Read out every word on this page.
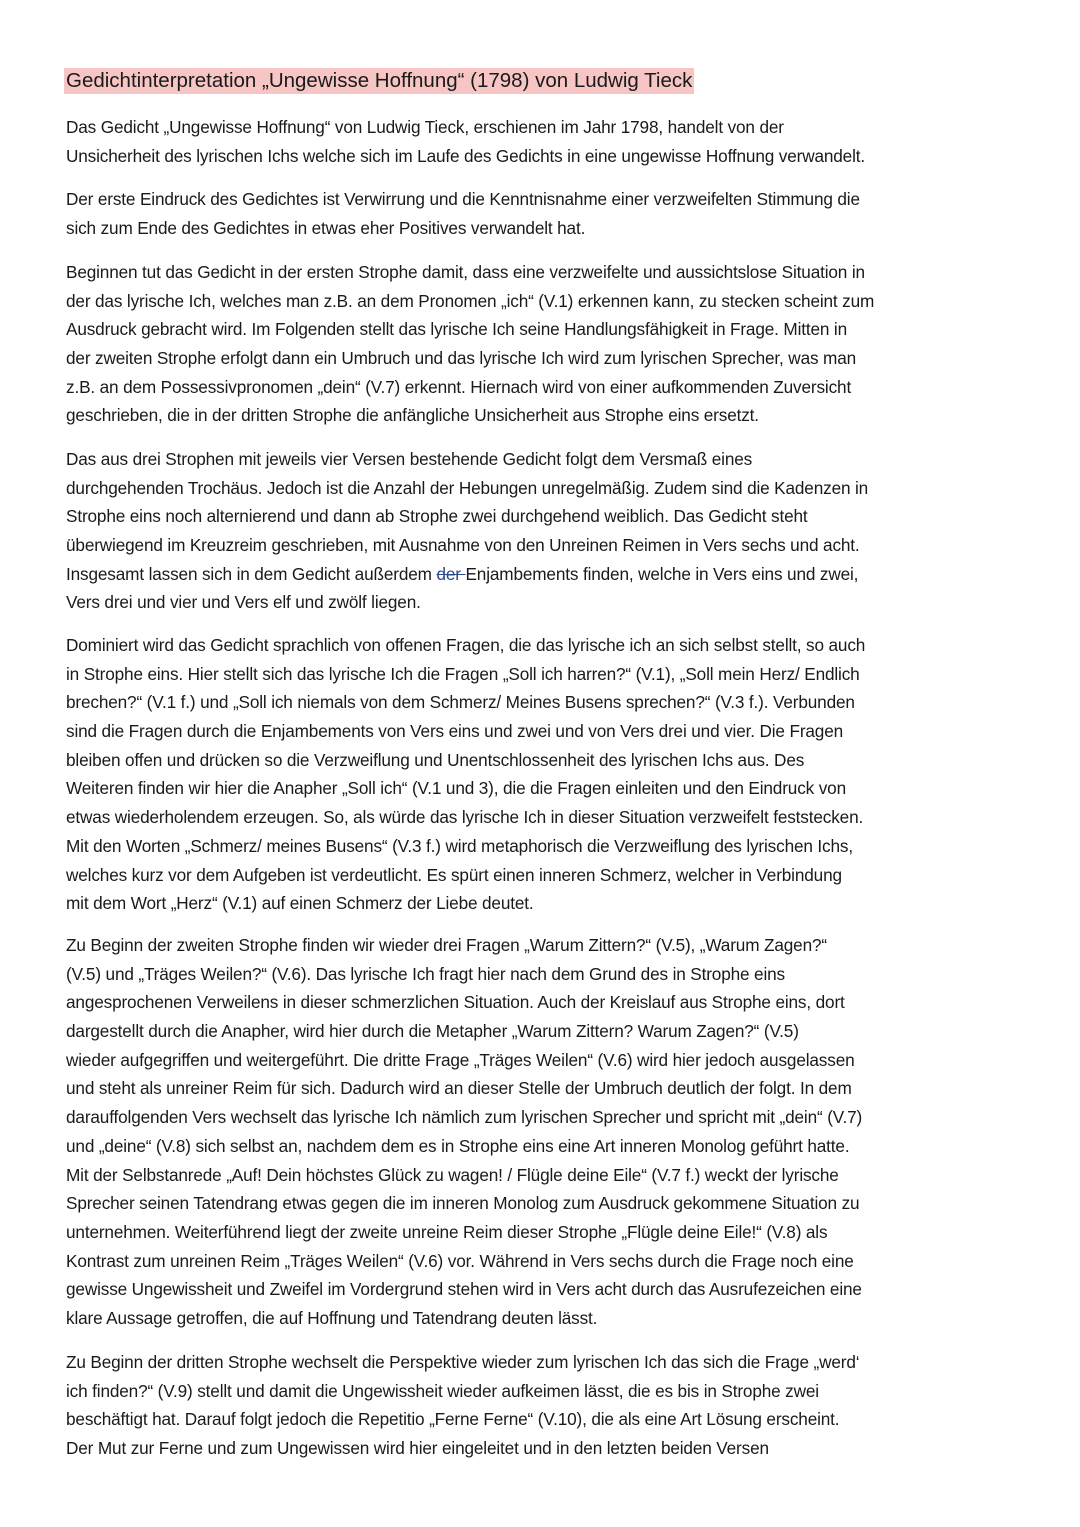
Gedichtinterpretation „Ungewisse Hoffnung“ (1798) von Ludwig Tieck
Das Gedicht „Ungewisse Hoffnung“ von Ludwig Tieck, erschienen im Jahr 1798, handelt von der
Unsicherheit des lyrischen Ichs welche sich im Laufe des Gedichts in eine ungewisse Hoffnung verwandelt.
Der erste Eindruck des Gedichtes ist Verwirrung und die Kenntnisnahme einer verzweifelten Stimmung die
sich zum Ende des Gedichtes in etwas eher Positives verwandelt hat.
Beginnen tut das Gedicht in der ersten Strophe damit, dass eine verzweifelte und aussichtslose Situation in
der das lyrische Ich, welches man z.B. an dem Pronomen „ich“ (V.1) erkennen kann, zu stecken scheint zum
Ausdruck gebracht wird. Im Folgenden stellt das lyrische Ich seine Handlungsfähigkeit in Frage. Mitten in
der zweiten Strophe erfolgt dann ein Umbruch und das lyrische Ich wird zum lyrischen Sprecher, was man
z.B. an dem Possessivpronomen „dein“ (V.7) erkennt. Hiernach wird von einer aufkommenden Zuversicht
geschrieben, die in der dritten Strophe die anfängliche Unsicherheit aus Strophe eins ersetzt.
Das aus drei Strophen mit jeweils vier Versen bestehende Gedicht folgt dem Versmaß eines
durchgehenden Trochäus. Jedoch ist die Anzahl der Hebungen unregelmäßig. Zudem sind die Kadenzen in
Strophe eins noch alternierend und dann ab Strophe zwei durchgehend weiblich. Das Gedicht steht
überwiegend im Kreuzreim geschrieben, mit Ausnahme von den Unreinen Reimen in Vers sechs und acht.
Insgesamt lassen sich in dem Gedicht außerdem der Enjambements finden, welche in Vers eins und zwei,
Vers drei und vier und Vers elf und zwölf liegen.
Dominiert wird das Gedicht sprachlich von offenen Fragen, die das lyrische ich an sich selbst stellt, so auch
in Strophe eins. Hier stellt sich das lyrische Ich die Fragen „Soll ich harren?“ (V.1), „Soll mein Herz/ Endlich
brechen?“ (V.1 f.) und „Soll ich niemals von dem Schmerz/ Meines Busens sprechen?“ (V.3 f.). Verbunden
sind die Fragen durch die Enjambements von Vers eins und zwei und von Vers drei und vier. Die Fragen
bleiben offen und drücken so die Verzweiflung und Unentschlossenheit des lyrischen Ichs aus. Des
Weiteren finden wir hier die Anapher „Soll ich“ (V.1 und 3), die die Fragen einleiten und den Eindruck von
etwas wiederholendem erzeugen. So, als würde das lyrische Ich in dieser Situation verzweifelt feststecken.
Mit den Worten „Schmerz/ meines Busens“ (V.3 f.) wird metaphorisch die Verzweiflung des lyrischen Ichs,
welches kurz vor dem Aufgeben ist verdeutlicht. Es spürt einen inneren Schmerz, welcher in Verbindung
mit dem Wort „Herz“ (V.1) auf einen Schmerz der Liebe deutet.
Zu Beginn der zweiten Strophe finden wir wieder drei Fragen „Warum Zittern?“ (V.5), „Warum Zagen?“
(V.5) und „Träges Weilen?“ (V.6). Das lyrische Ich fragt hier nach dem Grund des in Strophe eins
angesprochenen Verweilens in dieser schmerzlichen Situation. Auch der Kreislauf aus Strophe eins, dort
dargestellt durch die Anapher, wird hier durch die Metapher „Warum Zittern? Warum Zagen?“ (V.5)
wieder aufgegriffen und weitergeführt. Die dritte Frage „Träges Weilen“ (V.6) wird hier jedoch ausgelassen
und steht als unreiner Reim für sich. Dadurch wird an dieser Stelle der Umbruch deutlich der folgt. In dem
darauffolgenden Vers wechselt das lyrische Ich nämlich zum lyrischen Sprecher und spricht mit „dein“ (V.7)
und „deine“ (V.8) sich selbst an, nachdem dem es in Strophe eins eine Art inneren Monolog geführt hatte.
Mit der Selbstanrede „Auf! Dein höchstes Glück zu wagen! / Flügle deine Eile“ (V.7 f.) weckt der lyrische
Sprecher seinen Tatendrang etwas gegen die im inneren Monolog zum Ausdruck gekommene Situation zu
unternehmen. Weiterführend liegt der zweite unreine Reim dieser Strophe „Flügle deine Eile!“ (V.8) als
Kontrast zum unreinen Reim „Träges Weilen“ (V.6) vor. Während in Vers sechs durch die Frage noch eine
gewisse Ungewissheit und Zweifel im Vordergrund stehen wird in Vers acht durch das Ausrufezeichen eine
klare Aussage getroffen, die auf Hoffnung und Tatendrang deuten lässt.
Zu Beginn der dritten Strophe wechselt die Perspektive wieder zum lyrischen Ich das sich die Frage „werd‘
ich finden?“ (V.9) stellt und damit die Ungewissheit wieder aufkeimen lässt, die es bis in Strophe zwei
beschäftigt hat. Darauf folgt jedoch die Repetitio „Ferne Ferne“ (V.10), die als eine Art Lösung erscheint.
Der Mut zur Ferne und zum Ungewissen wird hier eingeleitet und in den letzten beiden Versen
